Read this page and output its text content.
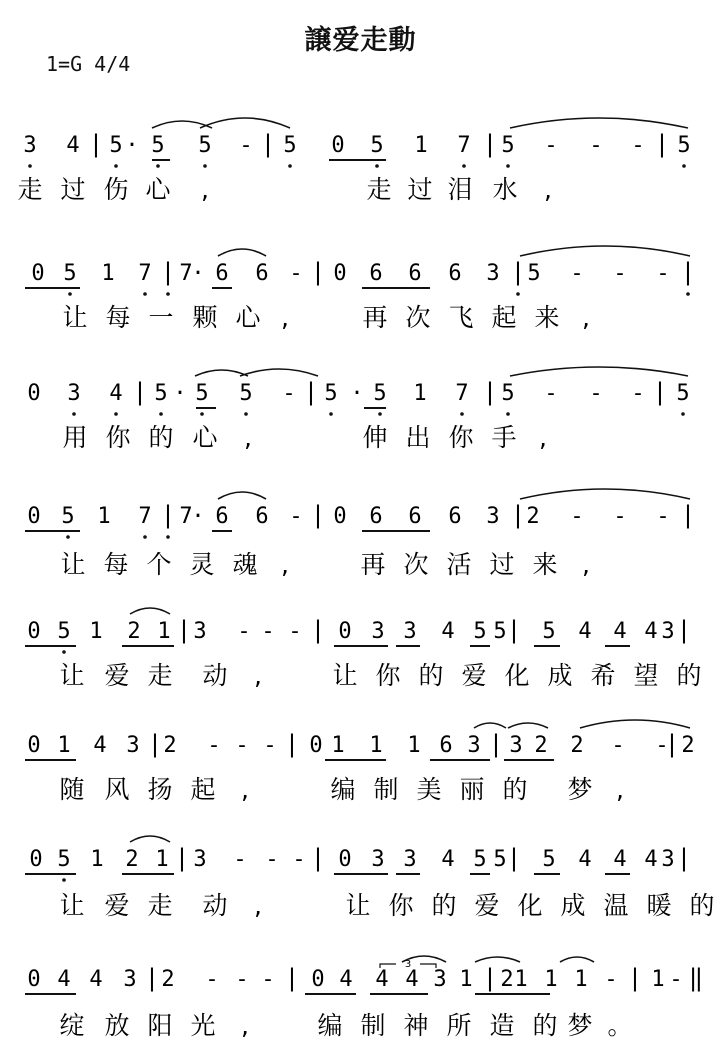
譲爱走動
1=G 4/4
3 4 | 5 · 5 5 - | 5 0 5 1 7 | 5 - - - | 5
走 过 伤 心 ,	走 过 泪 水 ,
0 5 1 7 | 7
· 6 6 - | 0 6 6 6 3 | 5 - - - |
让 每 一 颗 心 ,	再 次 飞 起 来 ,
0 3 4 | 5 · 5 5 - | 5 · 5 1 7 | 5 - - - | 5
用 你 的 心 ,	伸 出 你 手 ,
0 5 1 7 | 7
· 6 6 - | 0 6 6 6 3 | 2 - - - |
让 每 个 灵 魂 ,	再 次 活 过 来 ,
0 5 1 2 1 | 3 - - - | 0 3 3 4 5 5 | 5 4 4 4 3 |
让 爱 走 动 ,	让 你 的 爱 化 成 希 望 的
0 1 4 3 | 2 - - - | 0 1 1 1 6 3 | 3 2 2 - -
| 2
随 风 扬 起 ,	编 制 美 丽 的 梦 ,
0 5 1 2 1 | 3 - - - | 0 3 3 4 5 5 | 5 4 4 4 3 |
让 爱 走 动 ,	让 你 的 爱 化 成 温 暖 的
0 4 4 3 | 2 - - - | 0 4 4 4 3 1 | 2 1 1 1 - | 1 - ‖
绽 放 阳 光 ,	编 制 神 所 造 的 梦 。
3
